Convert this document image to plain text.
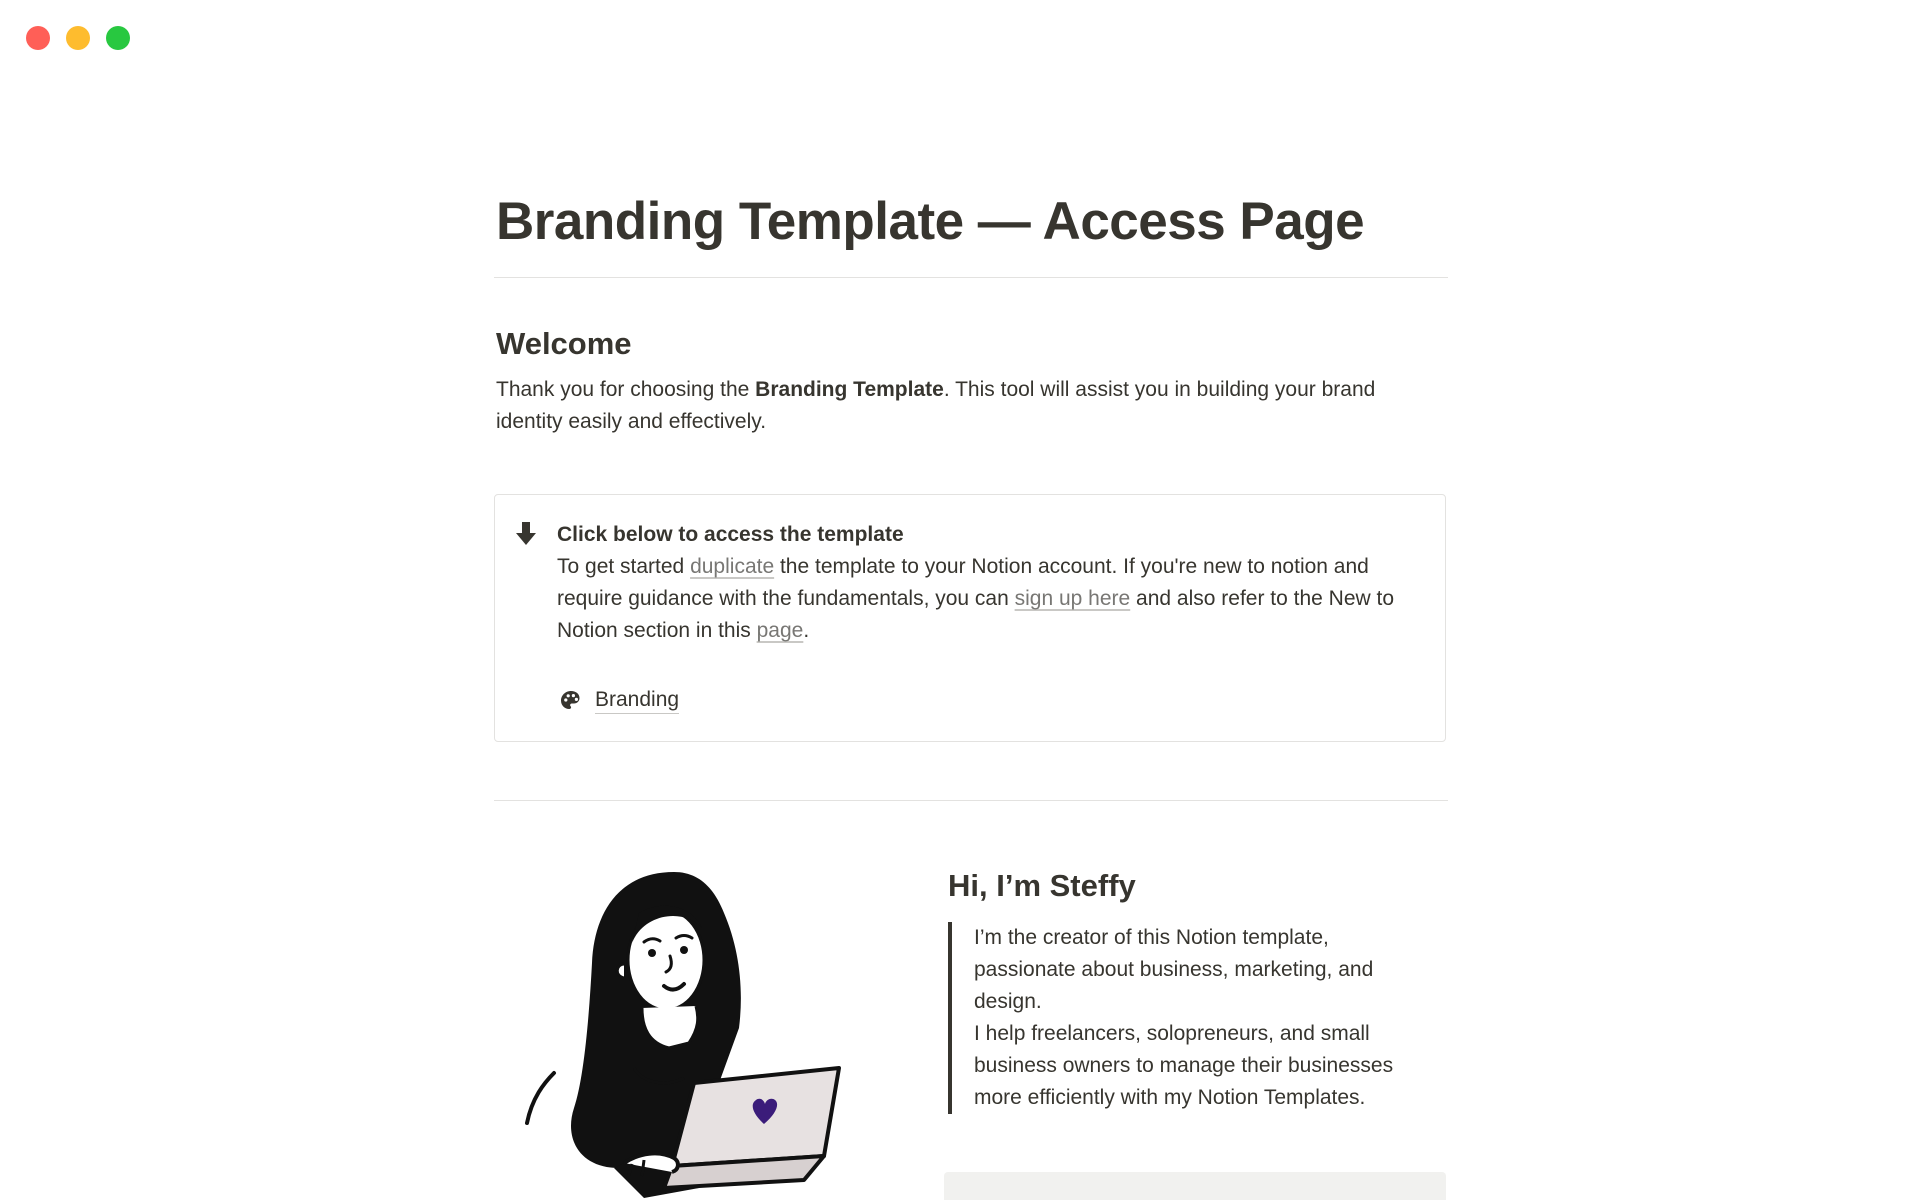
Branding Template — Access Page
Welcome

Thank you for choosing the Branding Template. This tool will assist you in building your brand identity easily and effectively.

Click below to access the template
To get started duplicate the template to your Notion account. If you're new to notion and require guidance with the fundamentals, you can sign up here and also refer to the New to Notion section in this page.
Branding
Hi, I’m Steffy

I’m the creator of this Notion template, passionate about business, marketing, and design.

I help freelancers, solopreneurs, and small business owners to manage their businesses more efficiently with my Notion Templates.
